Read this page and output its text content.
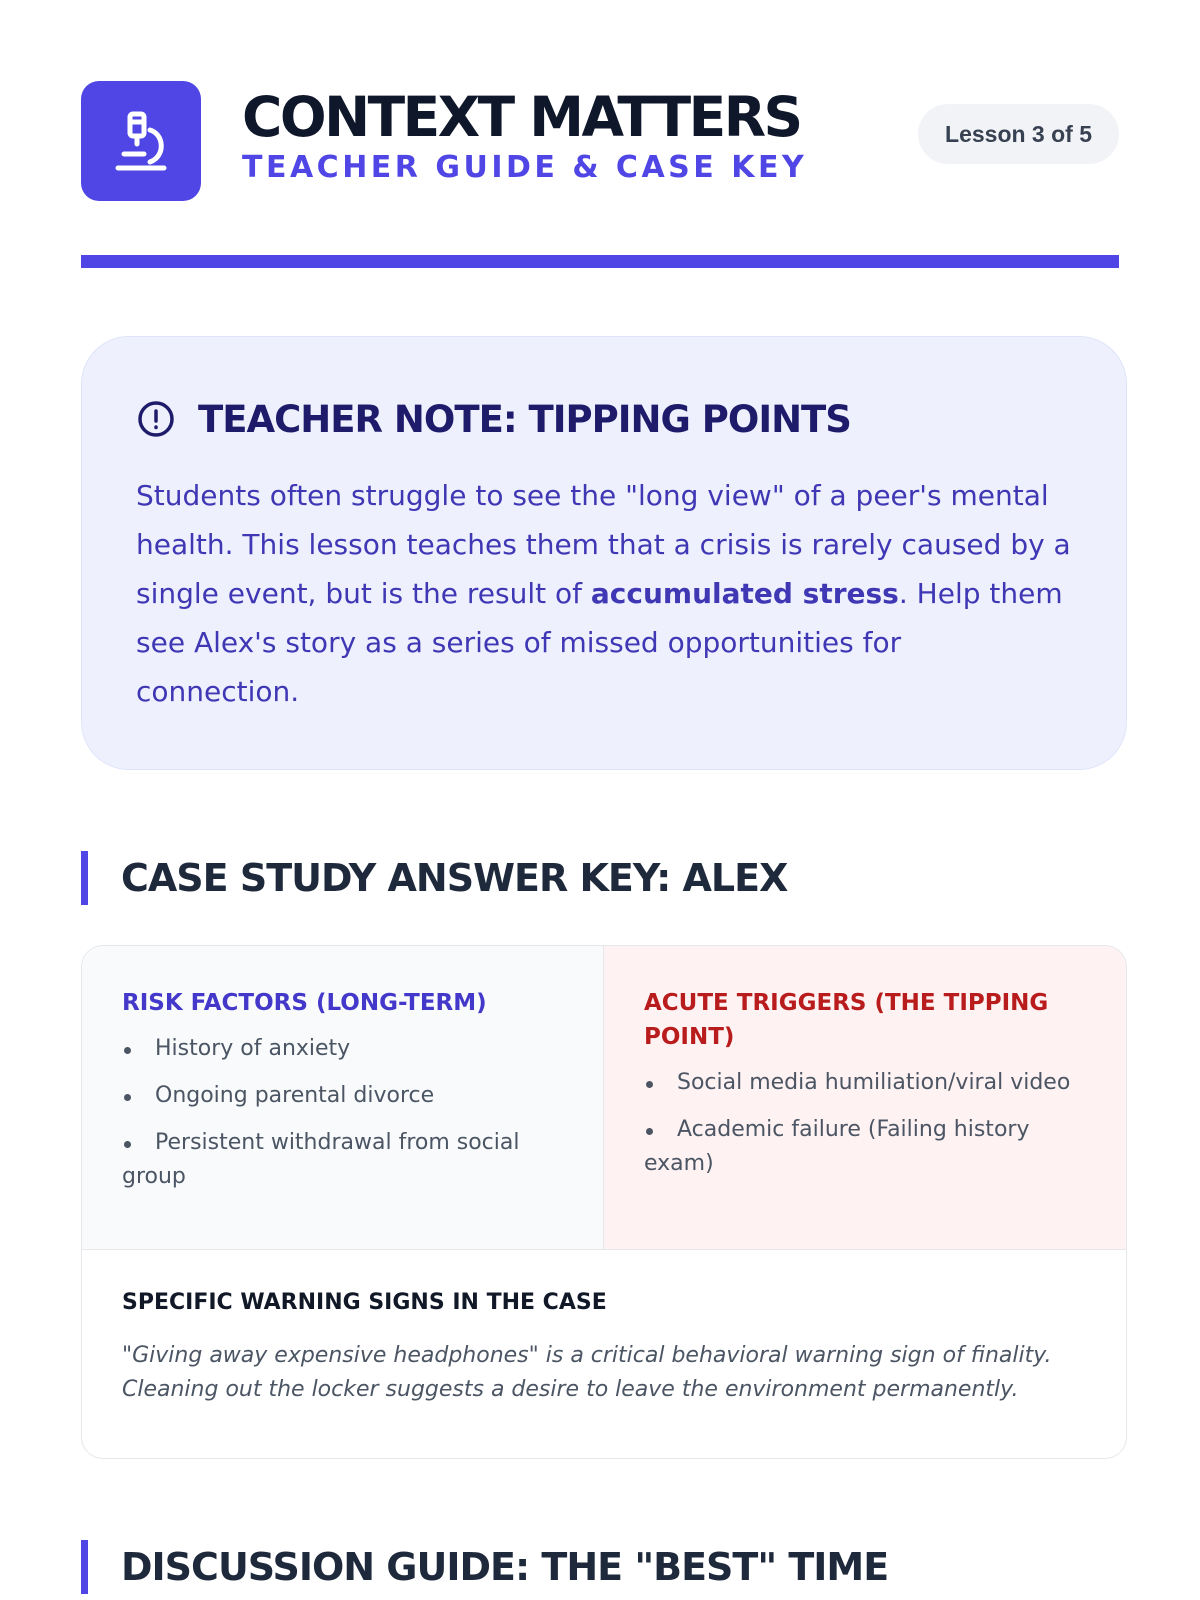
CONTEXT MATTERS
TEACHER GUIDE & CASE KEY
Lesson 3 of 5
TEACHER NOTE: TIPPING POINTS

Students often struggle to see the "long view" of a peer's mental health. This lesson teaches them that a crisis is rarely caused by a single event, but is the result of accumulated stress. Help them see Alex's story as a series of missed opportunities for connection.

CASE STUDY ANSWER KEY: ALEX
RISK FACTORS (LONG-TERM)
History of anxiety
Ongoing parental divorce
Persistent withdrawal from social group
ACUTE TRIGGERS (THE TIPPING POINT)
Social media humiliation/viral video
Academic failure (Failing history exam)
SPECIFIC WARNING SIGNS IN THE CASE

"Giving away expensive headphones" is a critical behavioral warning sign of finality. Cleaning out the locker suggests a desire to leave the environment permanently.

DISCUSSION GUIDE: THE "BEST" TIME
